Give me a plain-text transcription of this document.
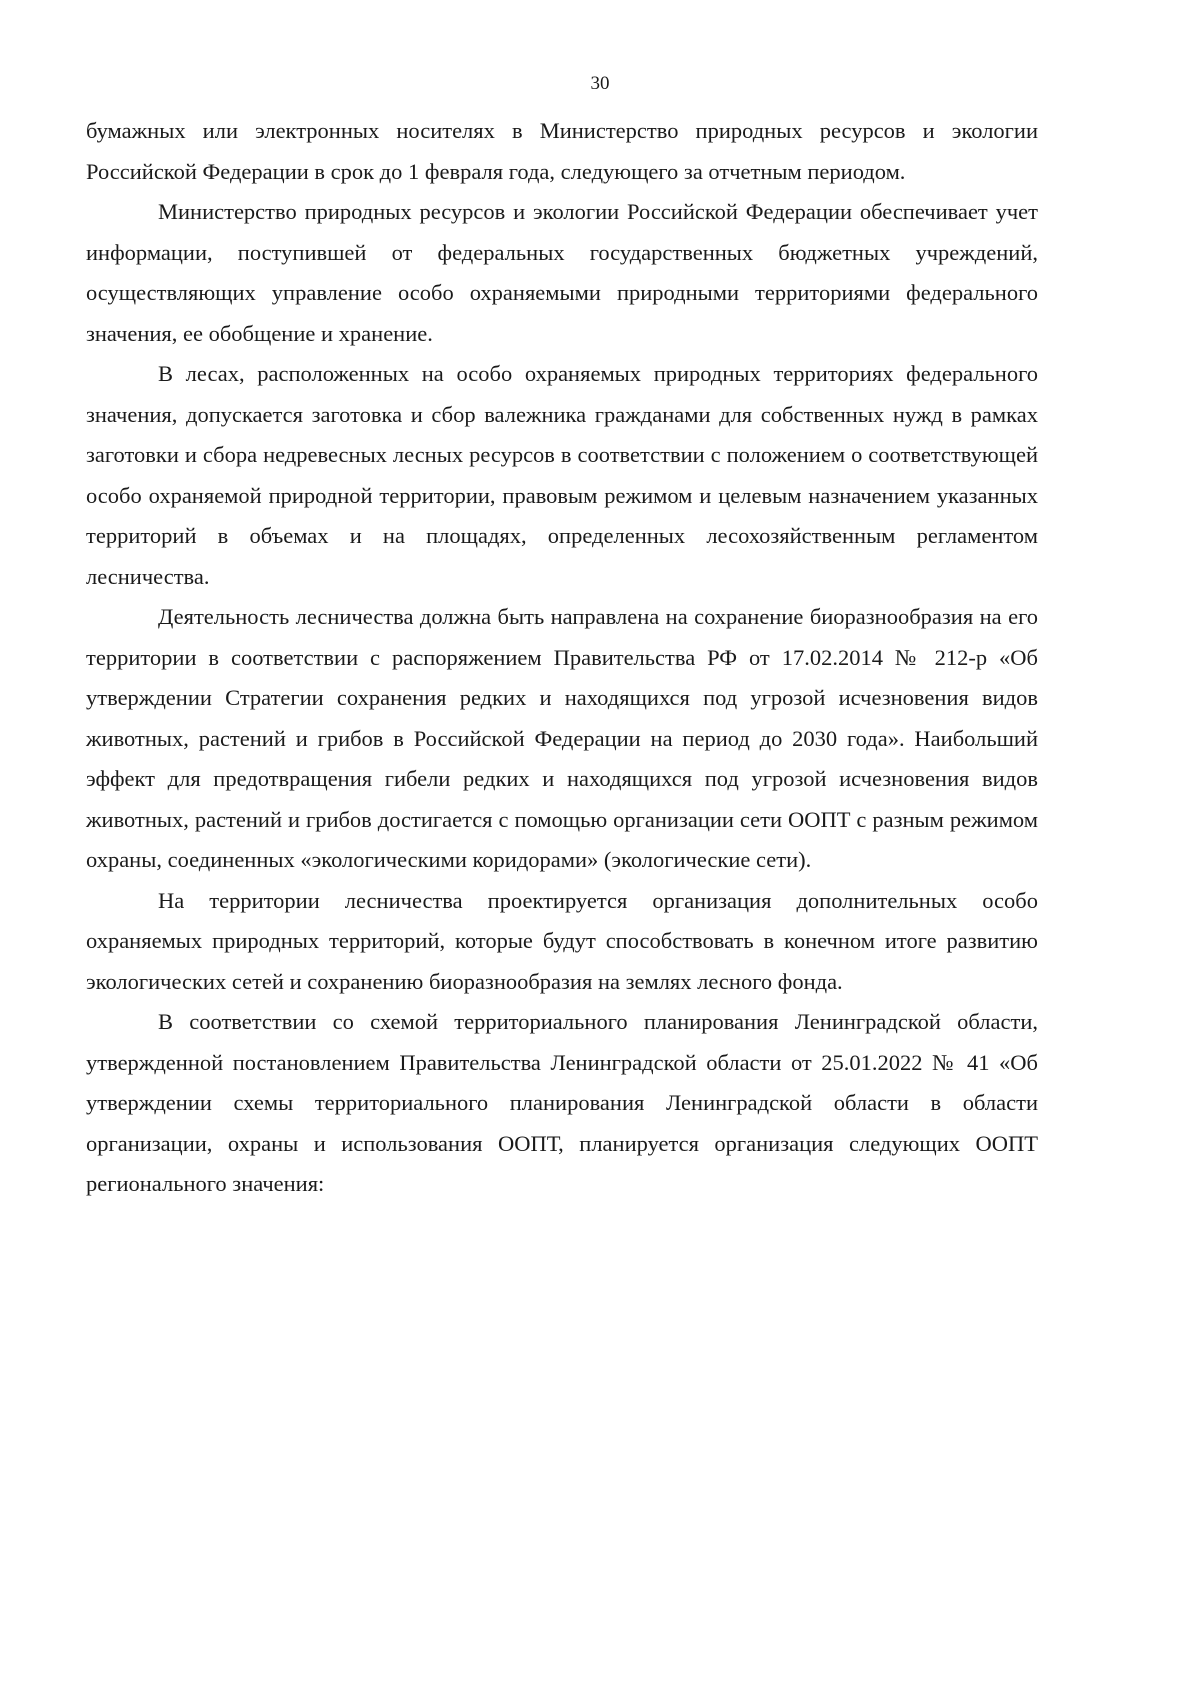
30

бумажных или электронных носителях в Министерство природных ресурсов и экологии Российской Федерации в срок до 1 февраля года, следующего за отчетным периодом.

Министерство природных ресурсов и экологии Российской Федерации обеспечивает учет информации, поступившей от федеральных государственных бюджетных учреждений, осуществляющих управление особо охраняемыми природными территориями федерального значения, ее обобщение и хранение.

В лесах, расположенных на особо охраняемых природных территориях федерального значения, допускается заготовка и сбор валежника гражданами для собственных нужд в рамках заготовки и сбора недревесных лесных ресурсов в соответствии с положением о соответствующей особо охраняемой природной территории, правовым режимом и целевым назначением указанных территорий в объемах и на площадях, определенных лесохозяйственным регламентом лесничества.

Деятельность лесничества должна быть направлена на сохранение биоразнообразия на его территории в соответствии с распоряжением Правительства РФ от 17.02.2014 № 212-р «Об утверждении Стратегии сохранения редких и находящихся под угрозой исчезновения видов животных, растений и грибов в Российской Федерации на период до 2030 года». Наибольший эффект для предотвращения гибели редких и находящихся под угрозой исчезновения видов животных, растений и грибов достигается с помощью организации сети ООПТ с разным режимом охраны, соединенных «экологическими коридорами» (экологические сети).

На территории лесничества проектируется организация дополнительных особо охраняемых природных территорий, которые будут способствовать в конечном итоге развитию экологических сетей и сохранению биоразнообразия на землях лесного фонда.

В соответствии со схемой территориального планирования Ленинградской области, утвержденной постановлением Правительства Ленинградской области от 25.01.2022 № 41 «Об утверждении схемы территориального планирования Ленинградской области в области организации, охраны и использования ООПТ, планируется организация следующих ООПТ регионального значения:
